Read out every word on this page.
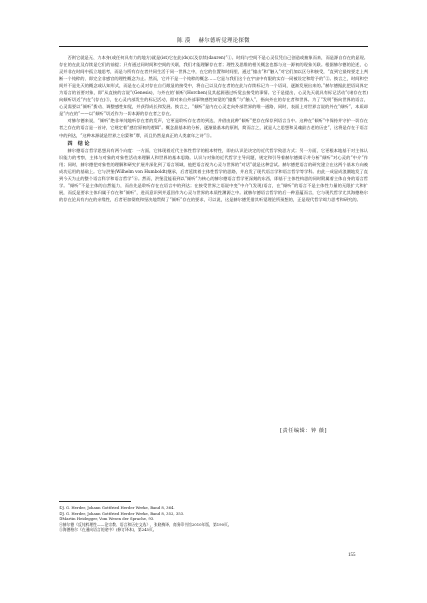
陈 漠 赫尔德听觉理论探微

否则它就是无、力本身(或任何具有力的地方)就是(ist)它在此(ds)以及存续(dauren)”①。时间与空间不是心灵仅凭自己创造或抽象而来，而是源自存在的显现。存在的在此及存续是它们的前提；只有通过同时间和空间的关联，我们才能理解存在者；理性及思维的相关概念也都与这一源初的现象关联。根据赫尔德的论述，心灵并非在时间中孤立地思考，而是与所有存在者共同生活于同一世界之中，在它的位置和时间里，通过“撞击”和“触入”对它们加以区分和接受，“直到它最终要走上判断一个纯粹的、即完全非感官的理性概念为止。然而，它并不是一个纯粹的概念……它是与我们这个在宇宙中有限的实存一同被设定和给予的”②。换言之，时间和空间并不是先天的概念或认知形式，而是在心灵对存在自行敞显的接受中，将自己以及存在者的在此与存续标记为一个语词，逐渐发展出来的。”赫尔德据此把语词界定为语言的首要对象，即“从直接的言说”(Genesis)，与外在的‘倾听’(Horchen)及其起源通过听觉去接受的事情。它于是提出，心灵先天就具有标记活动”(诸存在者)向倾听切近“内在”(存在)⑤，在心灵内部发生的标记活动，即对来自外部事物感性知觉的“撞拨”与“触入”，指向外在的存在者和世界。为了“发明”指向世界的语言，心灵需要以“倾听”拨动、调整感性知觉，并获得成长和发展。换言之，“倾听”是内在心灵走向外部世界的唯一通路，同时，表面上对世界言说的外在“倾听”，本质却是“内在的”——以“倾听”切近作为一切本源的存在者之存在。

对赫尔德来说，“倾听”绝非单纯地听存在者的发声，它更是聆听存在者的到达，并借由此种“倾听”把存在保存到语言当中。这种在“倾听”中保持并守护一切存在者之存在的语言是一首诗，它规定着“感官原初的逻辑”。概念最基本的分析，逐渐最基本的原则，简而言之，就是人之思想和灵魂最古老的历史”，这将是存在于语言中的到达，“这种本源就是世界之启蒙和“摩，而且仍然是真正的人类童年之诗”⑤。

四 结 论

赫尔德语言哲学思想具有两个向度：一方面，它体现着近代主体性哲学的根本特性，即由认识论决定的近代哲学致思方式；另一方面，它更根本地基于对主体认识能力的考察，主体与对象的对象性活动来理解人和世界的基本思路。认识与对象的近代哲学主导问题，规定和引导着赫尔德揭示并分析“倾听”对心灵的“中介”作用；同时，赫尔德把对象性的理解和研究扩展并深化到了语言领域，他把语言视为心灵与世界的“对话”就是这种尝试。赫尔德把语言的研究建立在这两个基本方向被成功运用的基础上。它与洪堡(Wilhelm von Humboldt)继承，后者延续着主体性哲学的思路，并启发了现代语言学和语言哲学等学科。由此一成显成浪潮地发了直到今天为止的整个语言科学和语言哲学”⑥。然而，洪堡没能看到以“倾听”为核心的赫尔德语言哲学更深刻的东西，即基于主体性构思的同时附属着主体自身的语言哲学。“倾听”不是主体的自然能力，而首先是聆听存在在语言中的到达；在接受世界之语说中变“中介”(发现)语言，在“倾听”的语言不是主体性力量的无限扩大和扩展，而反是要求主体归属于存在和“倾听”，进而意识到并返回作为心灵与世界的本质性渊源之中。就赫尔德语言哲学的后一种意蕴而言，它与现代哲学尤其海德格尔的存在论具有内在的亲缘性，后者更加彻底和坚决地贯彻了“倾听”存在的要求，可以说，这是赫尔德凭借其听觉理论所预想的，正是现代哲学竭力思考和研究的。

[责任编辑：钟 薇]
①J. G. Herder, Johann Gottfried Herder Werke, Band 8, 364.
②J. G. Herder, Johann Gottfried Herder Werke, Band 8, 352, 353.
③Martin Heidegger, Vom Wesen der Sprache, 93.
④赫尔德《反纯粹理性——论宗教、语言和历史文选》，张晓梅译，商务印书馆2010年版，第190页。
⑤海德格尔《在通向语言的途中》(修订译本)，第245页。
155
